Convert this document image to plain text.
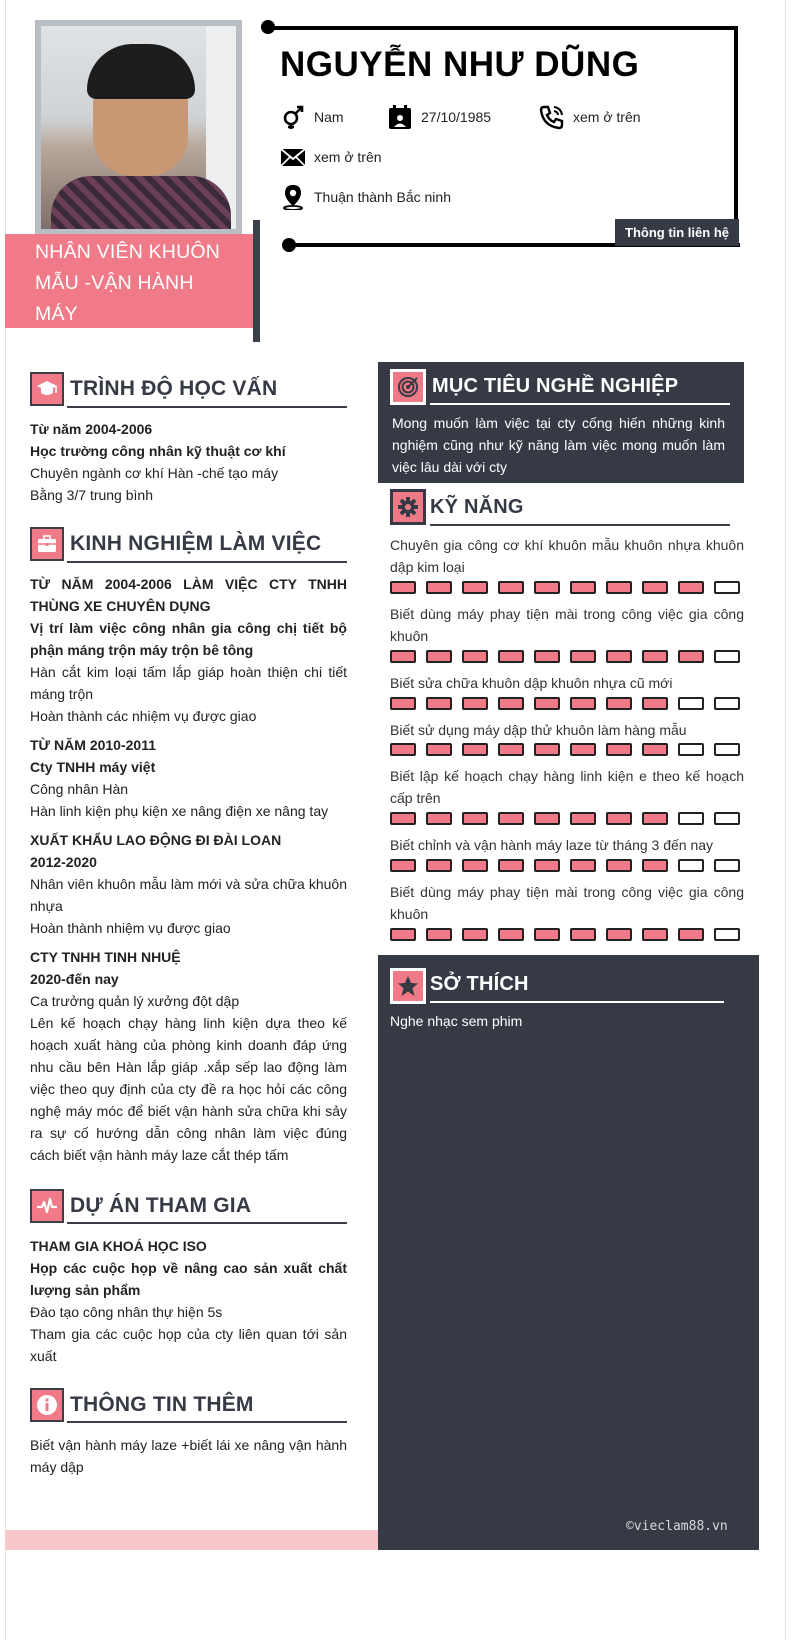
NHÂN VIÊN KHUÔN
MẪU -VẬN HÀNH MÁY
LAZE
Thông tin liên hệ
NGUYỄN NHƯ DŨNG
Nam	27/10/1985	xem ở trên
xem ở trên
Thuận thành Bắc ninh
TRÌNH ĐỘ HỌC VẤN
Từ năm 2004-2006
Học trường công nhân kỹ thuật cơ khí
Chuyên ngành cơ khí Hàn -chế tạo máy
Bằng 3/7 trung bình
KINH NGHIỆM LÀM VIỆC
TỪ NĂM 2004-2006 LÀM VIỆC CTY TNHH THÙNG XE CHUYÊN DỤNG
Vị trí làm việc công nhân gia công chị tiết bộ phận máng trộn máy trộn bê tông
Hàn cắt kim loại tấm lắp giáp hoàn thiện chi tiết máng trộn
Hoàn thành các nhiệm vụ được giao
TỪ NĂM 2010-2011
Cty TNHH máy việt
Công nhân Hàn
Hàn linh kiện phụ kiện xe nâng điện xe nâng tay
XUẤT KHẨU LAO ĐỘNG ĐI ĐÀI LOAN
2012-2020
Nhân viên khuôn mẫu làm mới và sửa chữa khuôn nhựa
Hoàn thành nhiệm vụ được giao
CTY TNHH TINH NHUỆ
2020-đến nay
Ca trưởng quản lý xưởng đột dập
Lên kế hoạch chạy hàng linh kiện dựa theo kế hoạch xuất hàng của phòng kinh doanh đáp ứng nhu cầu bên Hàn lắp giáp .xắp sếp lao động làm việc theo quy định của cty đề ra học hỏi các công nghệ máy móc để biết vận hành sửa chữa khi sảy ra sự cố hướng dẫn công nhân làm việc đúng cách biết vận hành máy laze cắt thép tấm
DỰ ÁN THAM GIA
THAM GIA KHOÁ HỌC ISO
Họp các cuộc họp về nâng cao sản xuất chất lượng sản phẩm
Đào tạo công nhân thự hiện 5s
Tham gia các cuộc họp của cty liên quan tới sản xuất
THÔNG TIN THÊM
Biết vận hành máy laze +biết lái xe nâng vận hành máy dập
MỤC TIÊU NGHỀ NGHIỆP
Mong muốn làm việc tại cty cống hiến những kinh nghiệm cũng như kỹ năng làm việc mong muốn làm việc lâu dài với cty
KỸ NĂNG
Chuyên gia công cơ khí khuôn mẫu khuôn nhựa khuôn dập kim loại
Biết dùng máy phay tiện mài trong công việc gia công khuôn
Biết sửa chữa khuôn dập khuôn nhựa cũ mới
Biết sử dụng máy dập thử khuôn làm hàng mẫu
Biết lập kế hoạch chạy hàng linh kiện e theo kế hoạch cấp trên
Biết chỉnh và vận hành máy laze từ tháng 3 đến nay
Biết dùng máy phay tiện mài trong công việc gia công khuôn
SỞ THÍCH
Nghe nhạc sem phim
©vieclam88.vn
